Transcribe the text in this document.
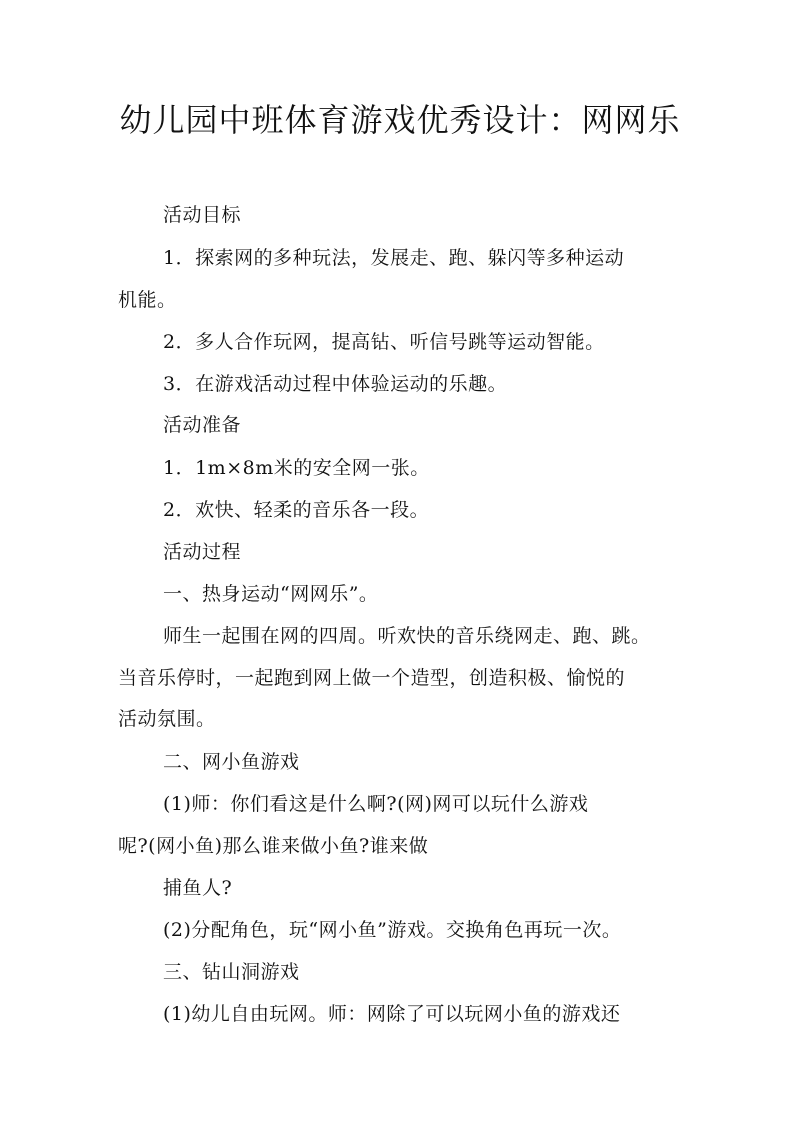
幼儿园中班体育游戏优秀设计：网网乐
活动目标
1．探索网的多种玩法，发展走、跑、躲闪等多种运动
机能。
2．多人合作玩网，提高钻、听信号跳等运动智能。
3．在游戏活动过程中体验运动的乐趣。
活动准备
1．1m×8m米的安全网一张。
2．欢快、轻柔的音乐各一段。
活动过程
一、热身运动“网网乐”。
师生一起围在网的四周。听欢快的音乐绕网走、跑、跳。
当音乐停时，一起跑到网上做一个造型，创造积极、愉悦的
活动氛围。
二、网小鱼游戏
(1)师：你们看这是什么啊?(网)网可以玩什么游戏
呢?(网小鱼)那么谁来做小鱼?谁来做
捕鱼人?
(2)分配角色，玩“网小鱼”游戏。交换角色再玩一次。
三、钻山洞游戏
(1)幼儿自由玩网。师：网除了可以玩网小鱼的游戏还
